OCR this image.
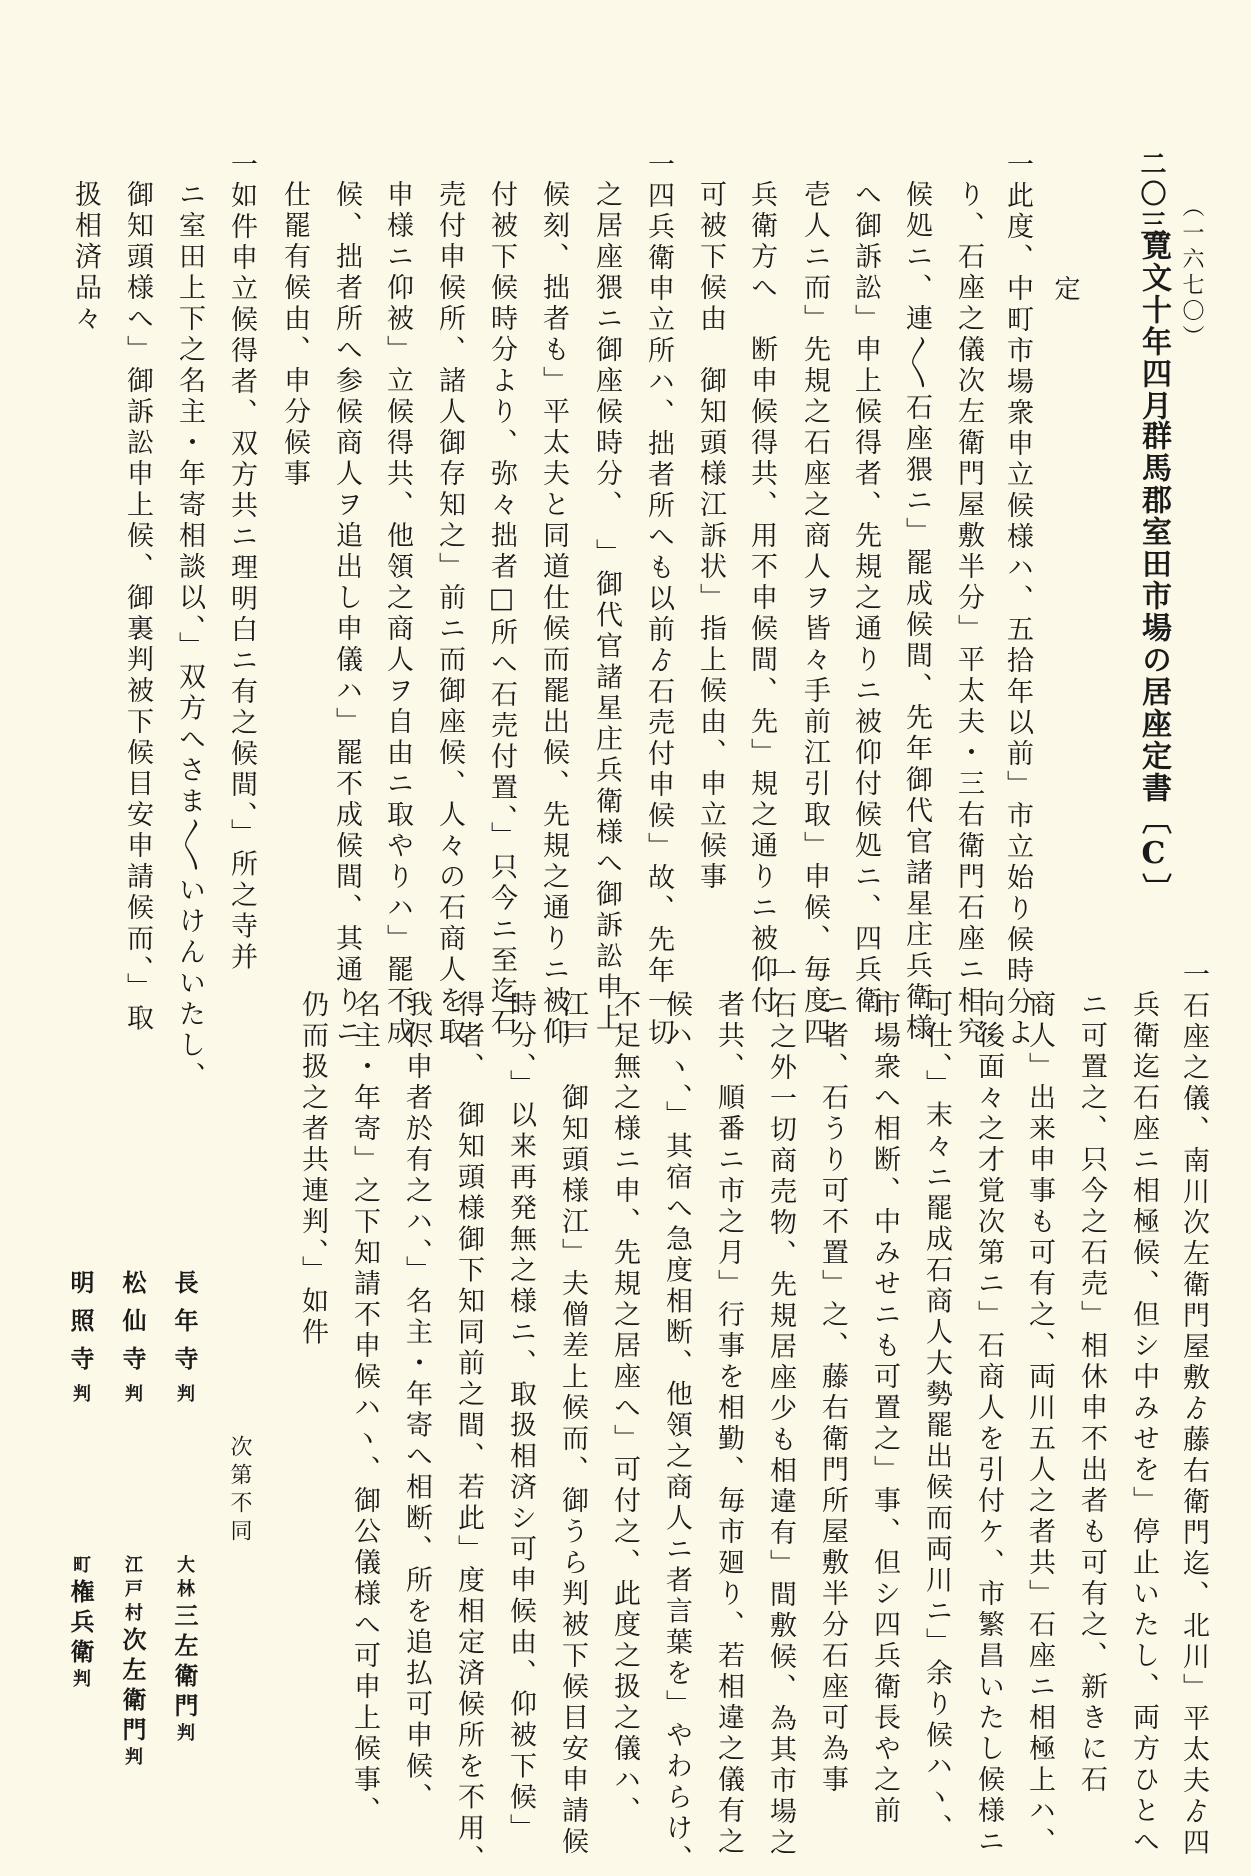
（一六七〇）
二〇三
寛文十年四月
群馬郡室田市場の居座定書〔C〕
定
一此度、中町市場衆申立候様ハ、五拾年以前」市立始り候時分よ
り、石座之儀次左衛門屋敷半分」平太夫・三右衛門石座ニ相究
候処ニ、連〳〵石座猥ニ」罷成候間、先年御代官諸星庄兵衛様
へ御訴訟」申上候得者、先規之通りニ被仰付候処ニ、四兵衛
壱人ニ而」先規之石座之商人ヲ皆々手前江引取」申候、毎度四
兵衛方へ　断申候得共、用不申候間、先」規之通りニ被仰付
可被下候由　御知頭様江訴状」指上候由、申立候事
一四兵衛申立所ハ、拙者所へも以前ゟ石売付申候」故、先年一切
之居座猥ニ御座候時分、　」御代官諸星庄兵衛様へ御訴訟申上
候刻、拙者も」平太夫と同道仕候而罷出候、先規之通りニ被仰
付被下候時分より、弥々拙者□所へ石売付置、」只今ニ至迄石
売付申候所、諸人御存知之」前ニ而御座候、人々の石商人を取
申様ニ仰被」立候得共、他領之商人ヲ自由ニ取やりハ」罷不成
候、拙者所へ参候商人ヲ追出し申儀ハ」罷不成候間、其通りニ
仕罷有候由、申分候事
一如件申立候得者、双方共ニ理明白ニ有之候間、」所之寺并
ニ室田上下之名主・年寄相談以、」双方へさま〳〵いけんいたし、
御知頭様へ」御訴訟申上候、御裏判被下候目安申請候而、」取
扱相済品々
一石座之儀、南川次左衛門屋敷ゟ藤右衛門迄、北川」平太夫ゟ四
兵衛迄石座ニ相極候、但シ中みせを」停止いたし、両方ひとへ
ニ可置之、只今之石売」相休申不出者も可有之、新きに石
商人」出来申事も可有之、両川五人之者共」石座ニ相極上ハ、
向後面々之才覚次第ニ」石商人を引付ケ、市繁昌いたし候様ニ
可仕、」末々ニ罷成石商人大勢罷出候而両川ニ」余り候ハヽ、
市場衆へ相断、中みせニも可置之」事、但シ四兵衛長や之前
ニ者、石うり可不置」之、藤右衛門所屋敷半分石座可為事
一石之外一切商売物、先規居座少も相違有」間敷候、為其市場之
者共、順番ニ市之月」行事を相勤、毎市廻り、若相違之儀有之
候ハヽ、」其宿へ急度相断、他領之商人ニ者言葉を」やわらけ、
不足無之様ニ申、先規之居座へ」可付之、此度之扱之儀ハ、
江戸　御知頭様江」夫僧差上候而、御うら判被下候目安申請候
時分、」以来再発無之様ニ、取扱相済シ可申候由、仰被下候」
得者、　御知頭様御下知同前之間、若此」度相定済候所を不用、
我侭申者於有之ハ、」名主・年寄へ相断、所を追払可申候、
名主・年寄」之下知請不申候ハヽ、御公儀様へ可申上候事、
仍而扱之者共連判、」如件
次第不同
長年寺判
松仙寺判
明照寺判
大林三左衛門判
江戸村次左衛門判
町権兵衛判
